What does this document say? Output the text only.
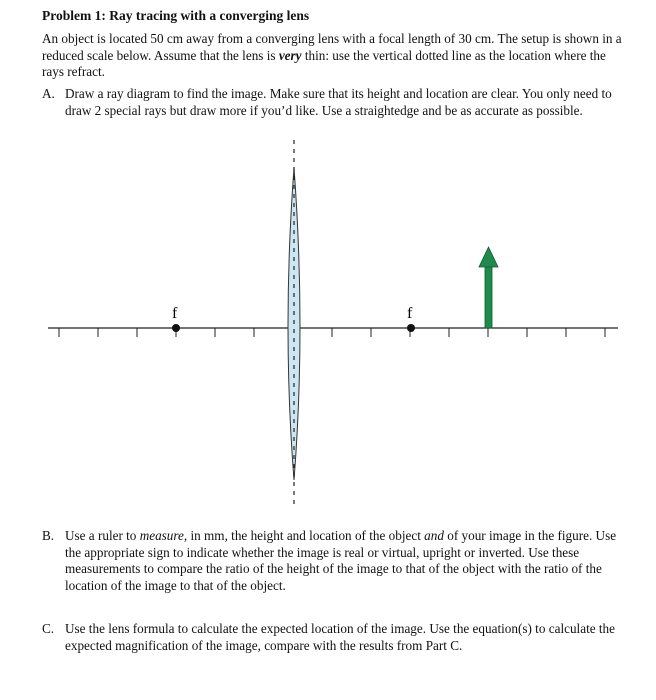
Problem 1: Ray tracing with a converging lens
An object is located 50 cm away from a converging lens with a focal length of 30 cm. The setup is shown in a reduced scale below. Assume that the lens is very thin: use the vertical dotted line as the location where the rays refract.
A. Draw a ray diagram to find the image. Make sure that its height and location are clear. You only need to draw 2 special rays but draw more if you’d like. Use a straightedge and be as accurate as possible.
f	f
B. Use a ruler to measure, in mm, the height and location of the object and of your image in the figure. Use the appropriate sign to indicate whether the image is real or virtual, upright or inverted. Use these measurements to compare the ratio of the height of the image to that of the object with the ratio of the location of the image to that of the object.
C. Use the lens formula to calculate the expected location of the image. Use the equation(s) to calculate the expected magnification of the image, compare with the results from Part C.
